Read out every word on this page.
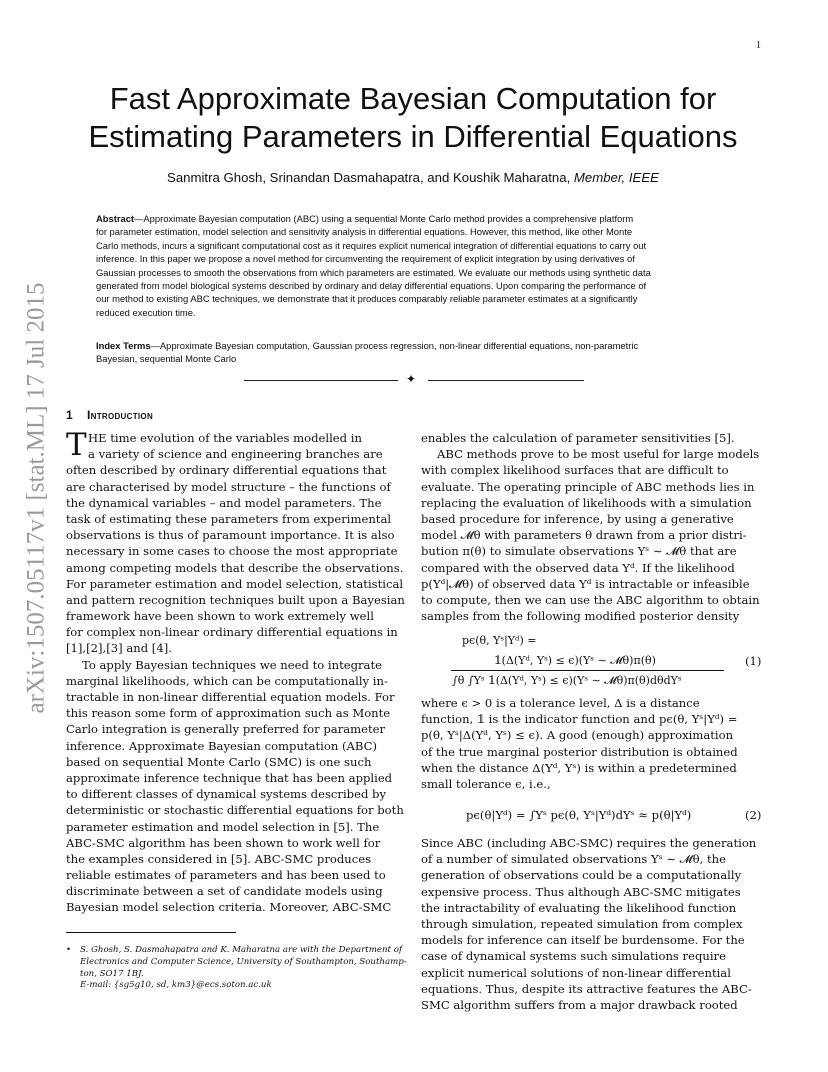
1
arXiv:1507.05117v1 [stat.ML] 17 Jul 2015
Fast Approximate Bayesian Computation for
Estimating Parameters in Differential Equations
Sanmitra Ghosh, Srinandan Dasmahapatra, and Koushik Maharatna, Member, IEEE
Abstract—Approximate Bayesian computation (ABC) using a sequential Monte Carlo method provides a comprehensive platform
for parameter estimation, model selection and sensitivity analysis in differential equations. However, this method, like other Monte
Carlo methods, incurs a significant computational cost as it requires explicit numerical integration of differential equations to carry out
inference. In this paper we propose a novel method for circumventing the requirement of explicit integration by using derivatives of
Gaussian processes to smooth the observations from which parameters are estimated. We evaluate our methods using synthetic data
generated from model biological systems described by ordinary and delay differential equations. Upon comparing the performance of
our method to existing ABC techniques, we demonstrate that it produces comparably reliable parameter estimates at a significantly
reduced execution time.
Index Terms—Approximate Bayesian computation, Gaussian process regression, non-linear differential equations, non-parametric
Bayesian, sequential Monte Carlo
✦
1 Introduction
T HE time evolution of the variables modelled in
a variety of science and engineering branches are
often described by ordinary differential equations that
are characterised by model structure – the functions of
the dynamical variables – and model parameters. The
task of estimating these parameters from experimental
observations is thus of paramount importance. It is also
necessary in some cases to choose the most appropriate
among competing models that describe the observations.
For parameter estimation and model selection, statistical
and pattern recognition techniques built upon a Bayesian
framework have been shown to work extremely well
for complex non-linear ordinary differential equations in
[1],[2],[3] and [4].
To apply Bayesian techniques we need to integrate
marginal likelihoods, which can be computationally in-
tractable in non-linear differential equation models. For
this reason some form of approximation such as Monte
Carlo integration is generally preferred for parameter
inference. Approximate Bayesian computation (ABC)
based on sequential Monte Carlo (SMC) is one such
approximate inference technique that has been applied
to different classes of dynamical systems described by
deterministic or stochastic differential equations for both
parameter estimation and model selection in [5]. The
ABC-SMC algorithm has been shown to work well for
the examples considered in [5]. ABC-SMC produces
reliable estimates of parameters and has been used to
discriminate between a set of candidate models using
Bayesian model selection criteria. Moreover, ABC-SMC
enables the calculation of parameter sensitivities [5].
ABC methods prove to be most useful for large models
with complex likelihood surfaces that are difficult to
evaluate. The operating principle of ABC methods lies in
replacing the evaluation of likelihoods with a simulation
based procedure for inference, by using a generative
model 𝓜θ with parameters θ drawn from a prior distri-
bution π(θ) to simulate observations Yˢ ∼ 𝓜θ that are
compared with the observed data Yᵈ. If the likelihood
p(Yᵈ|𝓜θ) of observed data Yᵈ is intractable or infeasible
to compute, then we can use the ABC algorithm to obtain
samples from the following modified posterior density
pϵ(θ, Yˢ|Yᵈ) =
𝟙(Δ(Yᵈ, Yˢ) ≤ ϵ)(Yˢ ∼ 𝓜θ)π(θ)
∫θ ∫Yˢ 𝟙(Δ(Yᵈ, Yˢ) ≤ ϵ)(Yˢ ∼ 𝓜θ)π(θ)dθdYˢ
(1)
where ϵ > 0 is a tolerance level, Δ is a distance
function, 𝟙 is the indicator function and pϵ(θ, Yˢ|Yᵈ) =
p(θ, Yˢ|Δ(Yᵈ, Yˢ) ≤ ϵ). A good (enough) approximation
of the true marginal posterior distribution is obtained
when the distance Δ(Yᵈ, Yˢ) is within a predetermined
small tolerance ϵ, i.e.,
pϵ(θ|Yᵈ) = ∫Yˢ pϵ(θ, Yˢ|Yᵈ)dYˢ ≈ p(θ|Yᵈ)	(2)
Since ABC (including ABC-SMC) requires the generation
of a number of simulated observations Yˢ ∼ 𝓜θ, the
generation of observations could be a computationally
expensive process. Thus although ABC-SMC mitigates
the intractability of evaluating the likelihood function
through simulation, repeated simulation from complex
models for inference can itself be burdensome. For the
case of dynamical systems such simulations require
explicit numerical solutions of non-linear differential
equations. Thus, despite its attractive features the ABC-
SMC algorithm suffers from a major drawback rooted
•	S. Ghosh, S. Dasmahapatra and K. Maharatna are with the Department of
Electronics and Computer Science, University of Southampton, Southamp-
ton, SO17 1BJ.
E-mail: {sg5g10, sd, km3}@ecs.soton.ac.uk
